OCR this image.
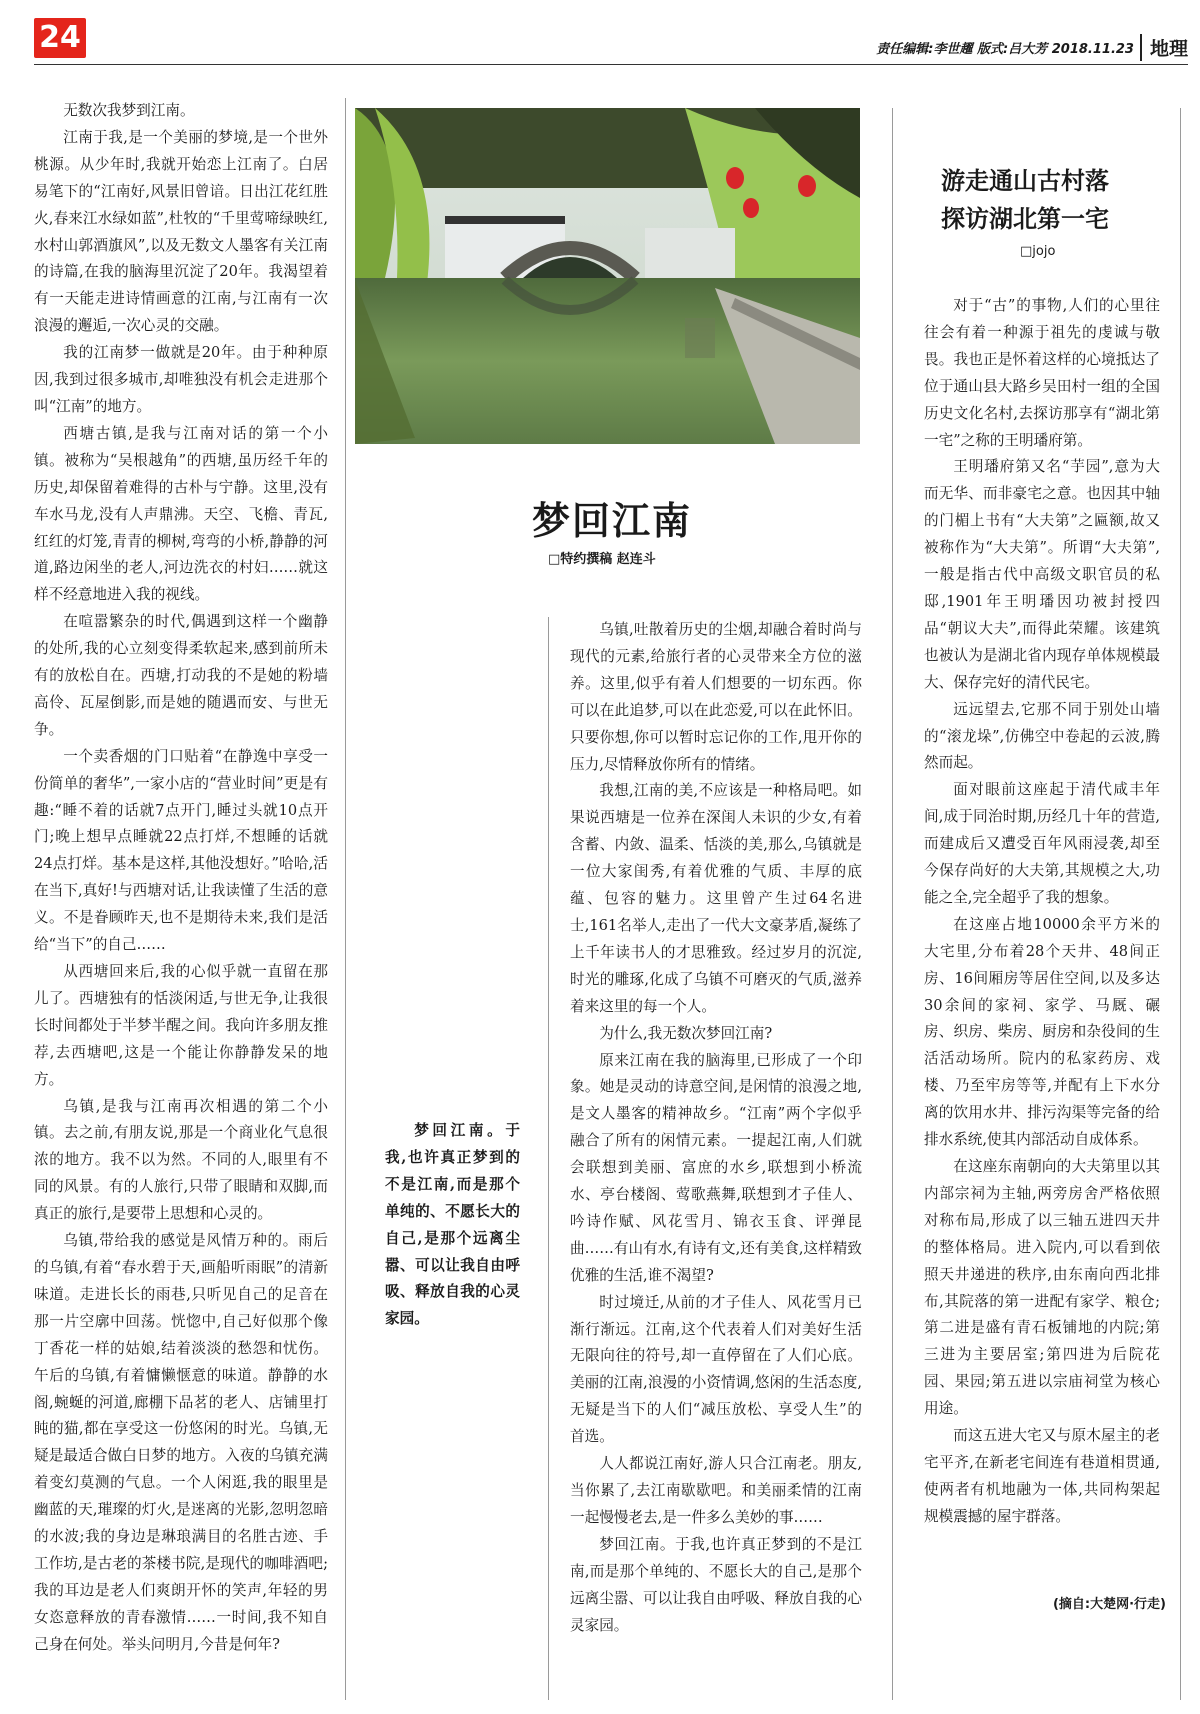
24	责任编辑:李世趯 版式:吕大芳 2018.11.23 地理

无数次我梦到江南。

江南于我,是一个美丽的梦境,是一个世外桃源。从少年时,我就开始恋上江南了。白居易笔下的“江南好,风景旧曾谙。日出江花红胜火,春来江水绿如蓝”,杜牧的“千里莺啼绿映红,水村山郭酒旗风”,以及无数文人墨客有关江南的诗篇,在我的脑海里沉淀了20年。我渴望着有一天能走进诗情画意的江南,与江南有一次浪漫的邂逅,一次心灵的交融。

我的江南梦一做就是20年。由于种种原因,我到过很多城市,却唯独没有机会走进那个叫“江南”的地方。

西塘古镇,是我与江南对话的第一个小镇。被称为“吴根越角”的西塘,虽历经千年的历史,却保留着难得的古朴与宁静。这里,没有车水马龙,没有人声鼎沸。天空、飞檐、青瓦,红红的灯笼,青青的柳树,弯弯的小桥,静静的河道,路边闲坐的老人,河边洗衣的村妇……就这样不经意地进入我的视线。

在喧嚣繁杂的时代,偶遇到这样一个幽静的处所,我的心立刻变得柔软起来,感到前所未有的放松自在。西塘,打动我的不是她的粉墙高伶、瓦屋倒影,而是她的随遇而安、与世无争。

一个卖香烟的门口贴着“在静逸中享受一份简单的奢华”,一家小店的“营业时间”更是有趣:“睡不着的话就7点开门,睡过头就10点开门;晚上想早点睡就22点打烊,不想睡的话就24点打烊。基本是这样,其他没想好。”哈哈,活在当下,真好!与西塘对话,让我读懂了生活的意义。不是眷顾昨天,也不是期待未来,我们是活给“当下”的自己……

从西塘回来后,我的心似乎就一直留在那儿了。西塘独有的恬淡闲适,与世无争,让我很长时间都处于半梦半醒之间。我向许多朋友推荐,去西塘吧,这是一个能让你静静发呆的地方。

乌镇,是我与江南再次相遇的第二个小镇。去之前,有朋友说,那是一个商业化气息很浓的地方。我不以为然。不同的人,眼里有不同的风景。有的人旅行,只带了眼睛和双脚,而真正的旅行,是要带上思想和心灵的。

乌镇,带给我的感觉是风情万种的。雨后的乌镇,有着“春水碧于天,画船听雨眠”的清新味道。走进长长的雨巷,只听见自己的足音在那一片空廓中回荡。恍惚中,自己好似那个像丁香花一样的姑娘,结着淡淡的愁怨和忧伤。午后的乌镇,有着慵懒惬意的味道。静静的水阁,蜿蜒的河道,廊棚下品茗的老人、店铺里打盹的猫,都在享受这一份悠闲的时光。乌镇,无疑是最适合做白日梦的地方。入夜的乌镇充满着变幻莫测的气息。一个人闲逛,我的眼里是幽蓝的天,璀璨的灯火,是迷离的光影,忽明忽暗的水波;我的身边是琳琅满目的名胜古迹、手工作坊,是古老的茶楼书院,是现代的咖啡酒吧;我的耳边是老人们爽朗开怀的笑声,年轻的男女恣意释放的青春激情……一时间,我不知自己身在何处。举头问明月,今昔是何年?

梦回江南
□特约撰稿 赵连斗
梦回江南。于我,也许真正梦到的不是江南,而是那个单纯的、不愿长大的自己,是那个远离尘嚣、可以让我自由呼吸、释放自我的心灵家园。

乌镇,吐散着历史的尘烟,却融合着时尚与现代的元素,给旅行者的心灵带来全方位的滋养。这里,似乎有着人们想要的一切东西。你可以在此追梦,可以在此恋爱,可以在此怀旧。只要你想,你可以暂时忘记你的工作,甩开你的压力,尽情释放你所有的情绪。

我想,江南的美,不应该是一种格局吧。如果说西塘是一位养在深闺人未识的少女,有着含蓄、内敛、温柔、恬淡的美,那么,乌镇就是一位大家闺秀,有着优雅的气质、丰厚的底蕴、包容的魅力。这里曾产生过64名进士,161名举人,走出了一代大文豪茅盾,凝练了上千年读书人的才思雅致。经过岁月的沉淀,时光的雕琢,化成了乌镇不可磨灭的气质,滋养着来这里的每一个人。

为什么,我无数次梦回江南?

原来江南在我的脑海里,已形成了一个印象。她是灵动的诗意空间,是闲情的浪漫之地,是文人墨客的精神故乡。“江南”两个字似乎融合了所有的闲情元素。一提起江南,人们就会联想到美丽、富庶的水乡,联想到小桥流水、亭台楼阁、莺歌燕舞,联想到才子佳人、吟诗作赋、风花雪月、锦衣玉食、评弹昆曲……有山有水,有诗有文,还有美食,这样精致优雅的生活,谁不渴望?

时过境迁,从前的才子佳人、风花雪月已渐行渐远。江南,这个代表着人们对美好生活无限向往的符号,却一直停留在了人们心底。美丽的江南,浪漫的小资情调,悠闲的生活态度,无疑是当下的人们“减压放松、享受人生”的首选。

人人都说江南好,游人只合江南老。朋友,当你累了,去江南歇歇吧。和美丽柔情的江南一起慢慢老去,是一件多么美妙的事……

梦回江南。于我,也许真正梦到的不是江南,而是那个单纯的、不愿长大的自己,是那个远离尘嚣、可以让我自由呼吸、释放自我的心灵家园。

游走通山古村落
探访湖北第一宅
□jojo

对于“古”的事物,人们的心里往往会有着一种源于祖先的虔诚与敬畏。我也正是怀着这样的心境抵达了位于通山县大路乡吴田村一组的全国历史文化名村,去探访那享有“湖北第一宅”之称的王明璠府第。

王明璠府第又名“芋园”,意为大而无华、而非豪宅之意。也因其中轴的门楣上书有“大夫第”之匾额,故又被称作为“大夫第”。所谓“大夫第”,一般是指古代中高级文职官员的私邸,1901年王明璠因功被封授四品“朝议大夫”,而得此荣耀。该建筑也被认为是湖北省内现存单体规模最大、保存完好的清代民宅。

远远望去,它那不同于别处山墙的“滚龙垛”,仿佛空中卷起的云波,腾然而起。

面对眼前这座起于清代咸丰年间,成于同治时期,历经几十年的营造,而建成后又遭受百年风雨浸袭,却至今保存尚好的大夫第,其规模之大,功能之全,完全超乎了我的想象。

在这座占地10000余平方米的大宅里,分布着28个天井、48间正房、16间厢房等居住空间,以及多达30余间的家祠、家学、马厩、碾房、织房、柴房、厨房和杂役间的生活活动场所。院内的私家药房、戏楼、乃至牢房等等,并配有上下水分离的饮用水井、排污沟渠等完备的给排水系统,使其内部活动自成体系。

在这座东南朝向的大夫第里以其内部宗祠为主轴,两旁房舍严格依照对称布局,形成了以三轴五进四天井的整体格局。进入院内,可以看到依照天井递进的秩序,由东南向西北排布,其院落的第一进配有家学、粮仓;第二进是盛有青石板铺地的内院;第三进为主要居室;第四进为后院花园、果园;第五进以宗庙祠堂为核心用途。

而这五进大宅又与原木屋主的老宅平齐,在新老宅间连有巷道相贯通,使两者有机地融为一体,共同构架起规模震撼的屋宇群落。

(摘自:大楚网·行走)
